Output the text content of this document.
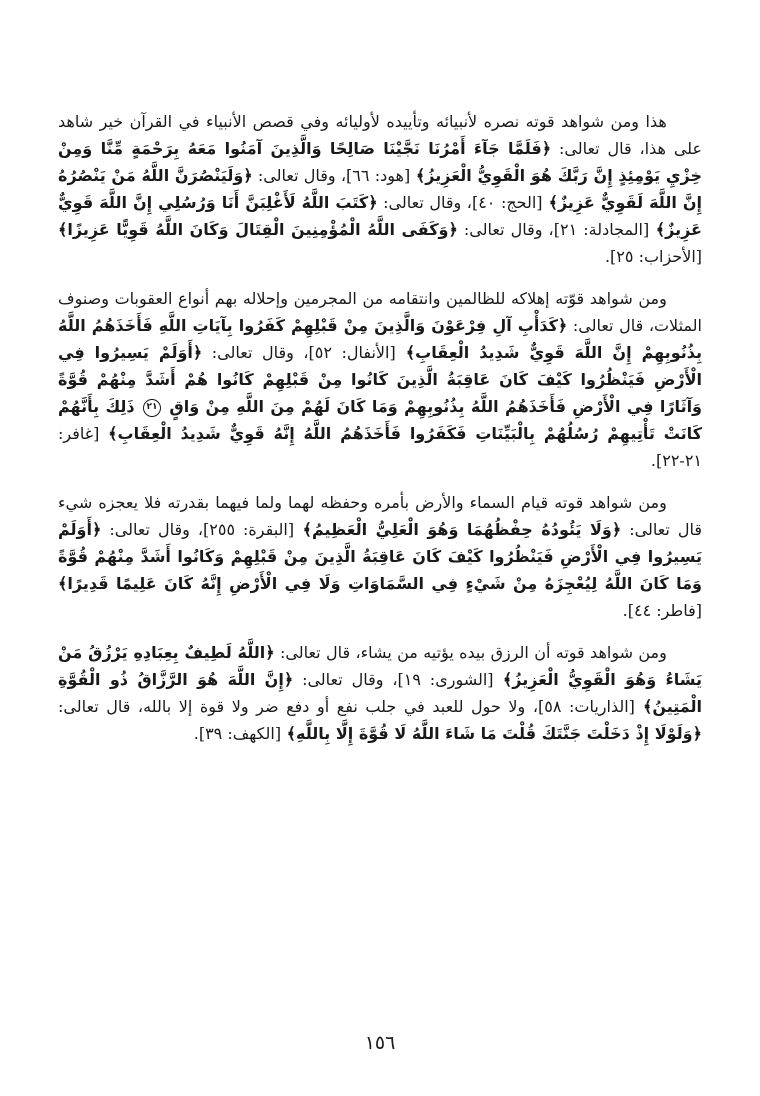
هذا ومن شواهد قوته نصره لأنبيائه وتأييده لأوليائه وفي قصص الأنبياء في القرآن خير شاهد على هذا، قال تعالى: ﴿فَلَمَّا جَآءَ أَمْرُنَا نَجَّيْنَا صَالِحًا وَالَّذِينَ آمَنُوا مَعَهُ بِرَحْمَةٍ مِّنَّا وَمِنْ خِزْيِ يَوْمِئِذٍ إِنَّ رَبَّكَ هُوَ الْقَوِيُّ الْعَزِيزُ﴾ [هود: ٦٦]، وقال تعالى: ﴿وَلَيَنْصُرَنَّ اللَّهُ مَنْ يَنْصُرُهُ إِنَّ اللَّهَ لَقَوِيٌّ عَزِيزٌ﴾ [الحج: ٤٠]، وقال تعالى: ﴿كَتَبَ اللَّهُ لَأَغْلِبَنَّ أَنَا وَرُسُلِي إِنَّ اللَّهَ قَوِيٌّ عَزِيزٌ﴾ [المجادلة: ٢١]، وقال تعالى: ﴿وَكَفَى اللَّهُ الْمُؤْمِنِينَ الْقِتَالَ وَكَانَ اللَّهُ قَوِيًّا عَزِيزًا﴾ [الأحزاب: ٢٥].

ومن شواهد قوّته إهلاكه للظالمين وانتقامه من المجرمين وإحلاله بهم أنواع العقوبات وصنوف المثلات، قال تعالى: ﴿كَدَأْبِ آلِ فِرْعَوْنَ وَالَّذِينَ مِنْ قَبْلِهِمْ كَفَرُوا بِآيَاتِ اللَّهِ فَأَخَذَهُمُ اللَّهُ بِذُنُوبِهِمْ إِنَّ اللَّهَ قَوِيٌّ شَدِيدُ الْعِقَابِ﴾ [الأنفال: ٥٢]، وقال تعالى: ﴿أَوَلَمْ يَسِيرُوا فِي الْأَرْضِ فَيَنْظُرُوا كَيْفَ كَانَ عَاقِبَةُ الَّذِينَ كَانُوا مِنْ قَبْلِهِمْ كَانُوا هُمْ أَشَدَّ مِنْهُمْ قُوَّةً وَآثَارًا فِي الْأَرْضِ فَأَخَذَهُمُ اللَّهُ بِذُنُوبِهِمْ وَمَا كَانَ لَهُمْ مِنَ اللَّهِ مِنْ وَاقٍ ٢١ ذَلِكَ بِأَنَّهُمْ كَانَتْ تَأْتِيهِمْ رُسُلُهُمْ بِالْبَيِّنَاتِ فَكَفَرُوا فَأَخَذَهُمُ اللَّهُ إِنَّهُ قَوِيٌّ شَدِيدُ الْعِقَابِ﴾ [غافر: ٢١-٢٢].

ومن شواهد قوته قيام السماء والأرض بأمره وحفظه لهما ولما فيهما بقدرته فلا يعجزه شيء قال تعالى: ﴿وَلَا يَئُودُهُ حِفْظُهُمَا وَهُوَ الْعَلِيُّ الْعَظِيمُ﴾ [البقرة: ٢٥٥]، وقال تعالى: ﴿أَوَلَمْ يَسِيرُوا فِي الْأَرْضِ فَيَنْظُرُوا كَيْفَ كَانَ عَاقِبَةُ الَّذِينَ مِنْ قَبْلِهِمْ وَكَانُوا أَشَدَّ مِنْهُمْ قُوَّةً وَمَا كَانَ اللَّهُ لِيُعْجِزَهُ مِنْ شَيْءٍ فِي السَّمَاوَاتِ وَلَا فِي الْأَرْضِ إِنَّهُ كَانَ عَلِيمًا قَدِيرًا﴾ [فاطر: ٤٤].

ومن شواهد قوته أن الرزق بيده يؤتيه من يشاء، قال تعالى: ﴿اللَّهُ لَطِيفٌ بِعِبَادِهِ يَرْزُقُ مَنْ يَشَاءُ وَهُوَ الْقَوِيُّ الْعَزِيزُ﴾ [الشورى: ١٩]، وقال تعالى: ﴿إِنَّ اللَّهَ هُوَ الرَّزَّاقُ ذُو الْقُوَّةِ الْمَتِينُ﴾ [الذاريات: ٥٨]، ولا حول للعبد في جلب نفع أو دفع ضر ولا قوة إلا بالله، قال تعالى: ﴿وَلَوْلَا إِذْ دَخَلْتَ جَنَّتَكَ قُلْتَ مَا شَاءَ اللَّهُ لَا قُوَّةَ إِلَّا بِاللَّهِ﴾ [الكهف: ٣٩].

١٥٦
